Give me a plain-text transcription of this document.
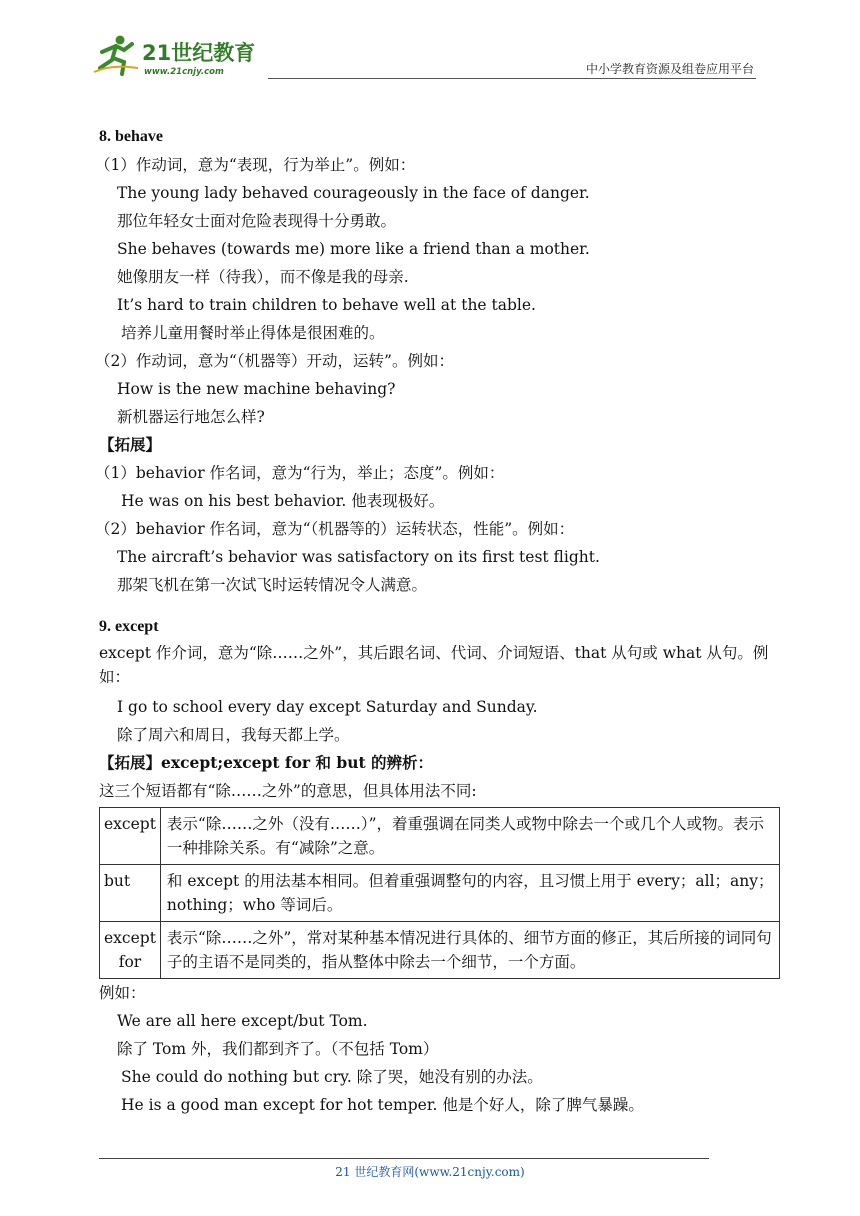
21世纪教育
www.21cnjy.com	中小学教育资源及组卷应用平台
8. behave
（1）作动词，意为“表现，行为举止”。例如：
The young lady behaved courageously in the face of danger.
那位年轻女士面对危险表现得十分勇敢。
She behaves (towards me) more like a friend than a mother.
她像朋友一样（待我），而不像是我的母亲.
It’s hard to train children to behave well at the table.
培养儿童用餐时举止得体是很困难的。
（2）作动词，意为“（机器等）开动，运转”。例如：
How is the new machine behaving?
新机器运行地怎么样?
【拓展】
（1）behavior 作名词，意为“行为，举止；态度”。例如：
He was on his best behavior. 他表现极好。
（2）behavior 作名词，意为“（机器等的）运转状态，性能”。例如：
The aircraft’s behavior was satisfactory on its first test flight.
那架飞机在第一次试飞时运转情况令人满意。
9. except
except 作介词，意为“除……之外”，其后跟名词、代词、介词短语、that 从句或 what 从句。例如：
I go to school every day except Saturday and Sunday.
除了周六和周日，我每天都上学。
【拓展】except;except for 和 but 的辨析：
这三个短语都有“除……之外”的意思，但具体用法不同:
except	表示“除……之外（没有……）”，着重强调在同类人或物中除去一个或几个人或物。表示一种排除关系。有“减除”之意。
but	和 except 的用法基本相同。但着重强调整句的内容，且习惯上用于 every；all；any；nothing；who 等词后。
except for	表示“除……之外”，常对某种基本情况进行具体的、细节方面的修正，其后所接的词同句子的主语不是同类的，指从整体中除去一个细节，一个方面。
例如：
We are all here except/but Tom.
除了 Tom 外，我们都到齐了。（不包括 Tom）
She could do nothing but cry. 除了哭，她没有别的办法。
He is a good man except for hot temper. 他是个好人，除了脾气暴躁。
21 世纪教育网(www.21cnjy.com)
